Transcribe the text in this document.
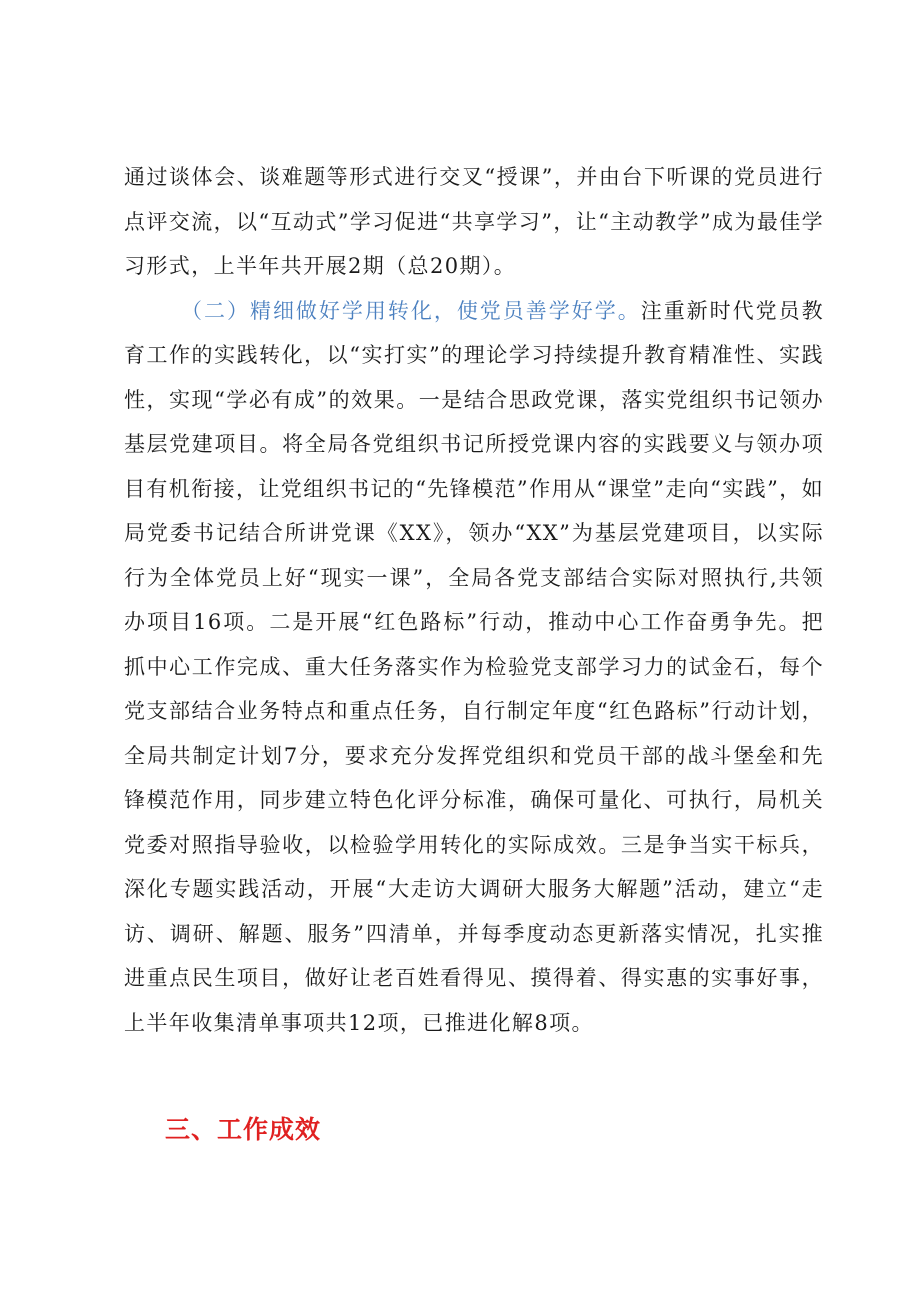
通过谈体会、谈难题等形式进行交叉“授课”，并由台下听课的党员进行点评交流，以“互动式”学习促进“共享学习”，让“主动教学”成为最佳学习形式，上半年共开展2期（总20期）。

（二）精细做好学用转化，使党员善学好学。注重新时代党员教育工作的实践转化，以“实打实”的理论学习持续提升教育精准性、实践性，实现“学必有成”的效果。一是结合思政党课，落实党组织书记领办基层党建项目。将全局各党组织书记所授党课内容的实践要义与领办项目有机衔接，让党组织书记的“先锋模范”作用从“课堂”走向“实践”，如局党委书记结合所讲党课《XX》，领办“XX”为基层党建项目，以实际行为全体党员上好“现实一课”，全局各党支部结合实际对照执行,共领办项目16项。二是开展“红色路标”行动，推动中心工作奋勇争先。把抓中心工作完成、重大任务落实作为检验党支部学习力的试金石，每个党支部结合业务特点和重点任务，自行制定年度“红色路标”行动计划，全局共制定计划7分，要求充分发挥党组织和党员干部的战斗堡垒和先锋模范作用，同步建立特色化评分标准，确保可量化、可执行，局机关党委对照指导验收，以检验学用转化的实际成效。三是争当实干标兵，深化专题实践活动，开展“大走访大调研大服务大解题”活动，建立“走访、调研、解题、服务”四清单，并每季度动态更新落实情况，扎实推进重点民生项目，做好让老百姓看得见、摸得着、得实惠的实事好事，上半年收集清单事项共12项，已推进化解8项。

三、工作成效
